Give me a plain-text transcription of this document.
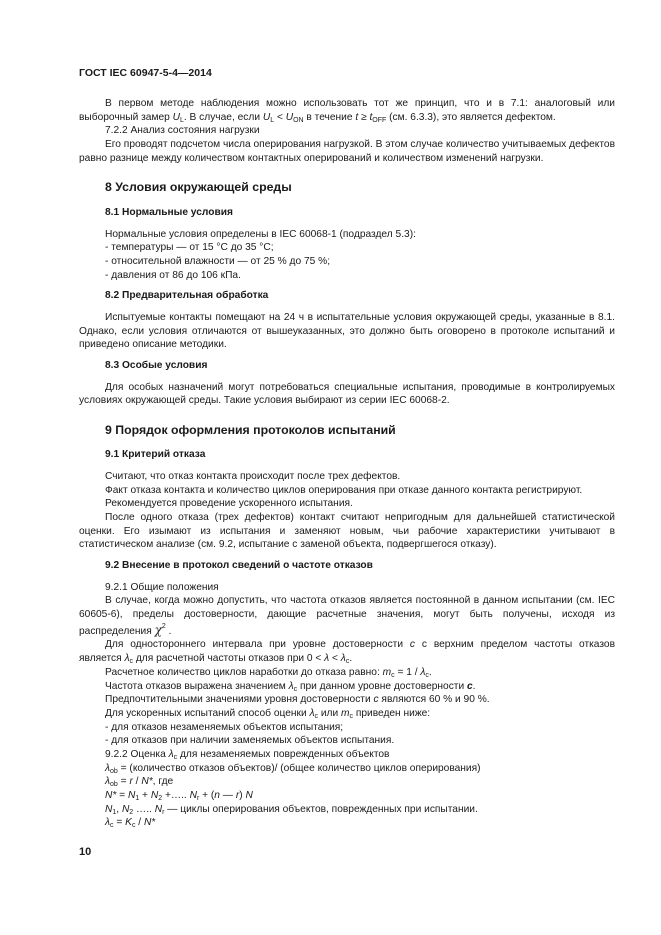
ГОСТ IEC 60947-5-4—2014

В первом методе наблюдения можно использовать тот же принцип, что и в 7.1: аналоговый или выборочный замер $U_L$. В случае, если $U_L < U_{ON}$ в течение $t \ge t_{OFF}$ (см. 6.3.3), это является дефектом.

7.2.2 Анализ состояния нагрузки

Его проводят подсчетом числа оперирования нагрузкой. В этом случае количество учитываемых дефектов равно разнице между количеством контактных оперирований и количеством изменений нагрузки.

8 Условия окружающей среды
8.1 Нормальные условия

Нормальные условия определены в IEC 60068-1 (подраздел 5.3):

- температуры — от 15 °С до 35 °С;

- относительной влажности — от 25 % до 75 %;

- давления от 86 до 106 кПа.

8.2 Предварительная обработка

Испытуемые контакты помещают на 24 ч в испытательные условия окружающей среды, указанные в 8.1. Однако, если условия отличаются от вышеуказанных, это должно быть оговорено в протоколе испытаний и приведено описание методики.

8.3 Особые условия

Для особых назначений могут потребоваться специальные испытания, проводимые в контролируемых условиях окружающей среды. Такие условия выбирают из серии IEC 60068-2.

9 Порядок оформления протоколов испытаний
9.1 Критерий отказа

Считают, что отказ контакта происходит после трех дефектов.

Факт отказа контакта и количество циклов оперирования при отказе данного контакта регистрируют.

Рекомендуется проведение ускоренного испытания.

После одного отказа (трех дефектов) контакт считают непригодным для дальнейшей статистической оценки. Его изымают из испытания и заменяют новым, чьи рабочие характеристики учитывают в статистическом анализе (см. 9.2, испытание с заменой объекта, подвергшегося отказу).

9.2 Внесение в протокол сведений о частоте отказов

9.2.1 Общие положения

В случае, когда можно допустить, что частота отказов является постоянной в данном испытании (см. IEC 60605-6), пределы достоверности, дающие расчетные значения, могут быть получены, исходя из распределения $\chi^2$ .

Для одностороннего интервала при уровне достоверности c с верхним пределом частоты отказов является $\lambda_c$ для расчетной частоты отказов при $0 < \lambda < \lambda_c$.

Расчетное количество циклов наработки до отказа равно: $m_c = 1 / \lambda_c$.

Частота отказов выражена значением $\lambda_c$ при данном уровне достоверности c.

Предпочтительными значениями уровня достоверности c являются 60 % и 90 %.

Для ускоренных испытаний способ оценки $\lambda_c$ или $m_c$ приведен ниже:

- для отказов незаменяемых объектов испытания;

- для отказов при наличии заменяемых объектов испытания.

9.2.2 Оценка $\lambda_c$ для незаменяемых поврежденных объектов

$\lambda_{ob}$ = (количество отказов объектов)/ (общее количество циклов оперирования)

$\lambda_{ob} = r / N*$, где

$N* = N_1 + N_2$ +….. $N_r + (n$ — r) N

$N_1$, $N_2$ ….. $N_r$ — циклы оперирования объектов, поврежденных при испытании.

$\lambda_c = K_c / N*$

10
